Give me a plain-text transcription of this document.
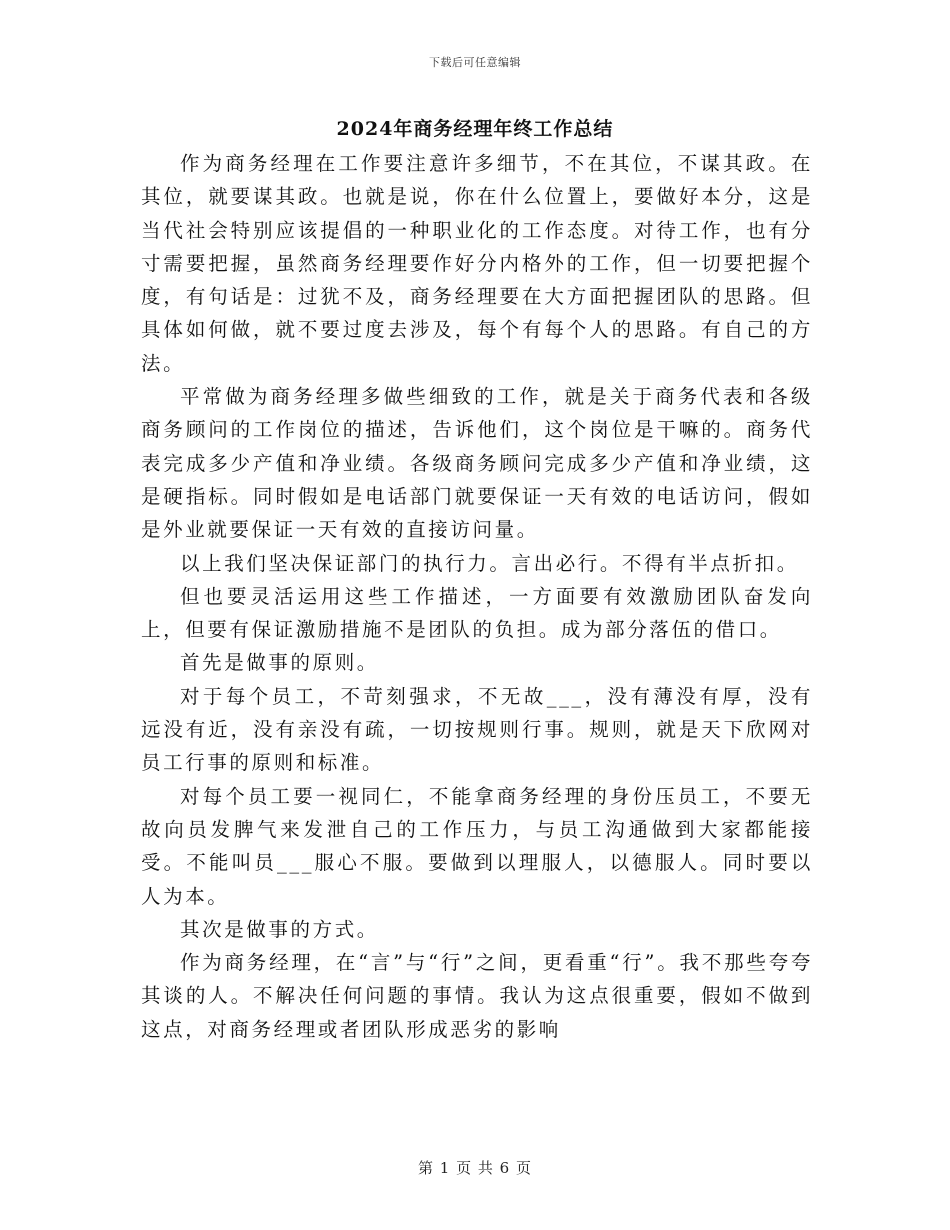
下载后可任意编辑
2024年商务经理年终工作总结

作为商务经理在工作要注意许多细节，不在其位，不谋其政。在其位，就要谋其政。也就是说，你在什么位置上，要做好本分，这是当代社会特别应该提倡的一种职业化的工作态度。对待工作，也有分寸需要把握，虽然商务经理要作好分内格外的工作，但一切要把握个度，有句话是：过犹不及，商务经理要在大方面把握团队的思路。但具体如何做，就不要过度去涉及，每个有每个人的思路。有自己的方法。

平常做为商务经理多做些细致的工作，就是关于商务代表和各级商务顾问的工作岗位的描述，告诉他们，这个岗位是干嘛的。商务代表完成多少产值和净业绩。各级商务顾问完成多少产值和净业绩，这是硬指标。同时假如是电话部门就要保证一天有效的电话访问，假如是外业就要保证一天有效的直接访问量。

以上我们坚决保证部门的执行力。言出必行。不得有半点折扣。

但也要灵活运用这些工作描述，一方面要有效激励团队奋发向上，但要有保证激励措施不是团队的负担。成为部分落伍的借口。

首先是做事的原则。

对于每个员工，不苛刻强求，不无故___，没有薄没有厚，没有远没有近，没有亲没有疏，一切按规则行事。规则，就是天下欣网对员工行事的原则和标准。

对每个员工要一视同仁，不能拿商务经理的身份压员工，不要无故向员发脾气来发泄自己的工作压力，与员工沟通做到大家都能接受。不能叫员___服心不服。要做到以理服人，以德服人。同时要以人为本。

其次是做事的方式。

作为商务经理，在“言”与“行”之间，更看重“行”。我不那些夸夸其谈的人。不解决任何问题的事情。我认为这点很重要，假如不做到这点，对商务经理或者团队形成恶劣的影响

第 1 页 共 6 页
